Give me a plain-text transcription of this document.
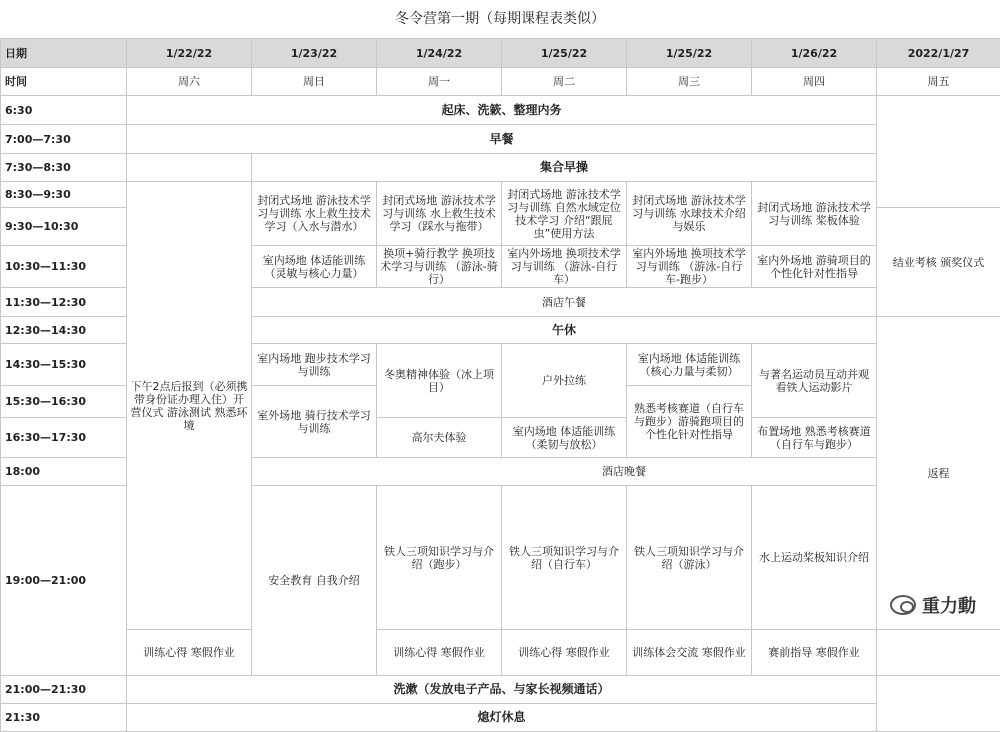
冬令营第一期（每期课程表类似）
日期	1/22/22	1/23/22	1/24/22	1/25/22	1/25/22	1/26/22	2022/1/27	
时间	周六	周日	周一	周二	周三	周四	周五	
6:30	起床、洗簌、整理内务							
7:00—7:30	早餐							
7:30—8:30		集合早操						
8:30—9:30	下午2点后报到（必须携带身份证办理入住）开营仪式 游泳测试 熟悉环境	封闭式场地 游泳技术学习与训练 水上救生技术学习（入水与潜水）	封闭式场地 游泳技术学习与训练 水上救生技术学习（踩水与拖带）	封闭式场地 游泳技术学习与训练 自然水域定位技术学习 介绍“跟屁虫”使用方法	封闭式场地 游泳技术学习与训练 水球技术介绍与娱乐	封闭式场地 游泳技术学习与训练 桨板体验		
9:30—10:30							结业考核 颁奖仪式	
10:30—11:30		室内场地 体适能训练 （灵敏与核心力量）	换项+骑行教学 换项技术学习与训练 （游泳-骑行）	室内外场地 换项技术学习与训练 （游泳-自行车）	室内外场地 换项技术学习与训练 （游泳-自行车-跑步）	室内外场地 游骑项目的个性化针对性指导		
11:30—12:30		酒店午餐						
12:30—14:30		午休					返程	
14:30—15:30		室内场地 跑步技术学习与训练	冬奥精神体验（冰上项目）	户外拉练	室内场地 体适能训练 （核心力量与柔韧）	与著名运动员互动并观看铁人运动影片		

15:30—16:30		室外场地 骑行技术学习与训练			熟悉考核赛道（自行车与跑步）游骑跑项目的个性化针对性指导			
16:30—17:30			高尔夫体验	室内场地 体适能训练 （柔韧与放松）		布置场地 熟悉考核赛道（自行车与跑步）		
18:00		酒店晚餐						
19:00—21:00		安全教育 自我介绍	铁人三项知识学习与介绍（跑步）	铁人三项知识学习与介绍（自行车）	铁人三项知识学习与介绍（游泳）	水上运动桨板知识介绍	
	训练心得 寒假作业		训练心得 寒假作业	训练心得 寒假作业	训练体会交流 寒假作业	赛前指导 寒假作业		
21:00—21:30	洗漱（发放电子产品、与家长视频通话）							
21:30	熄灯休息							
重力動
